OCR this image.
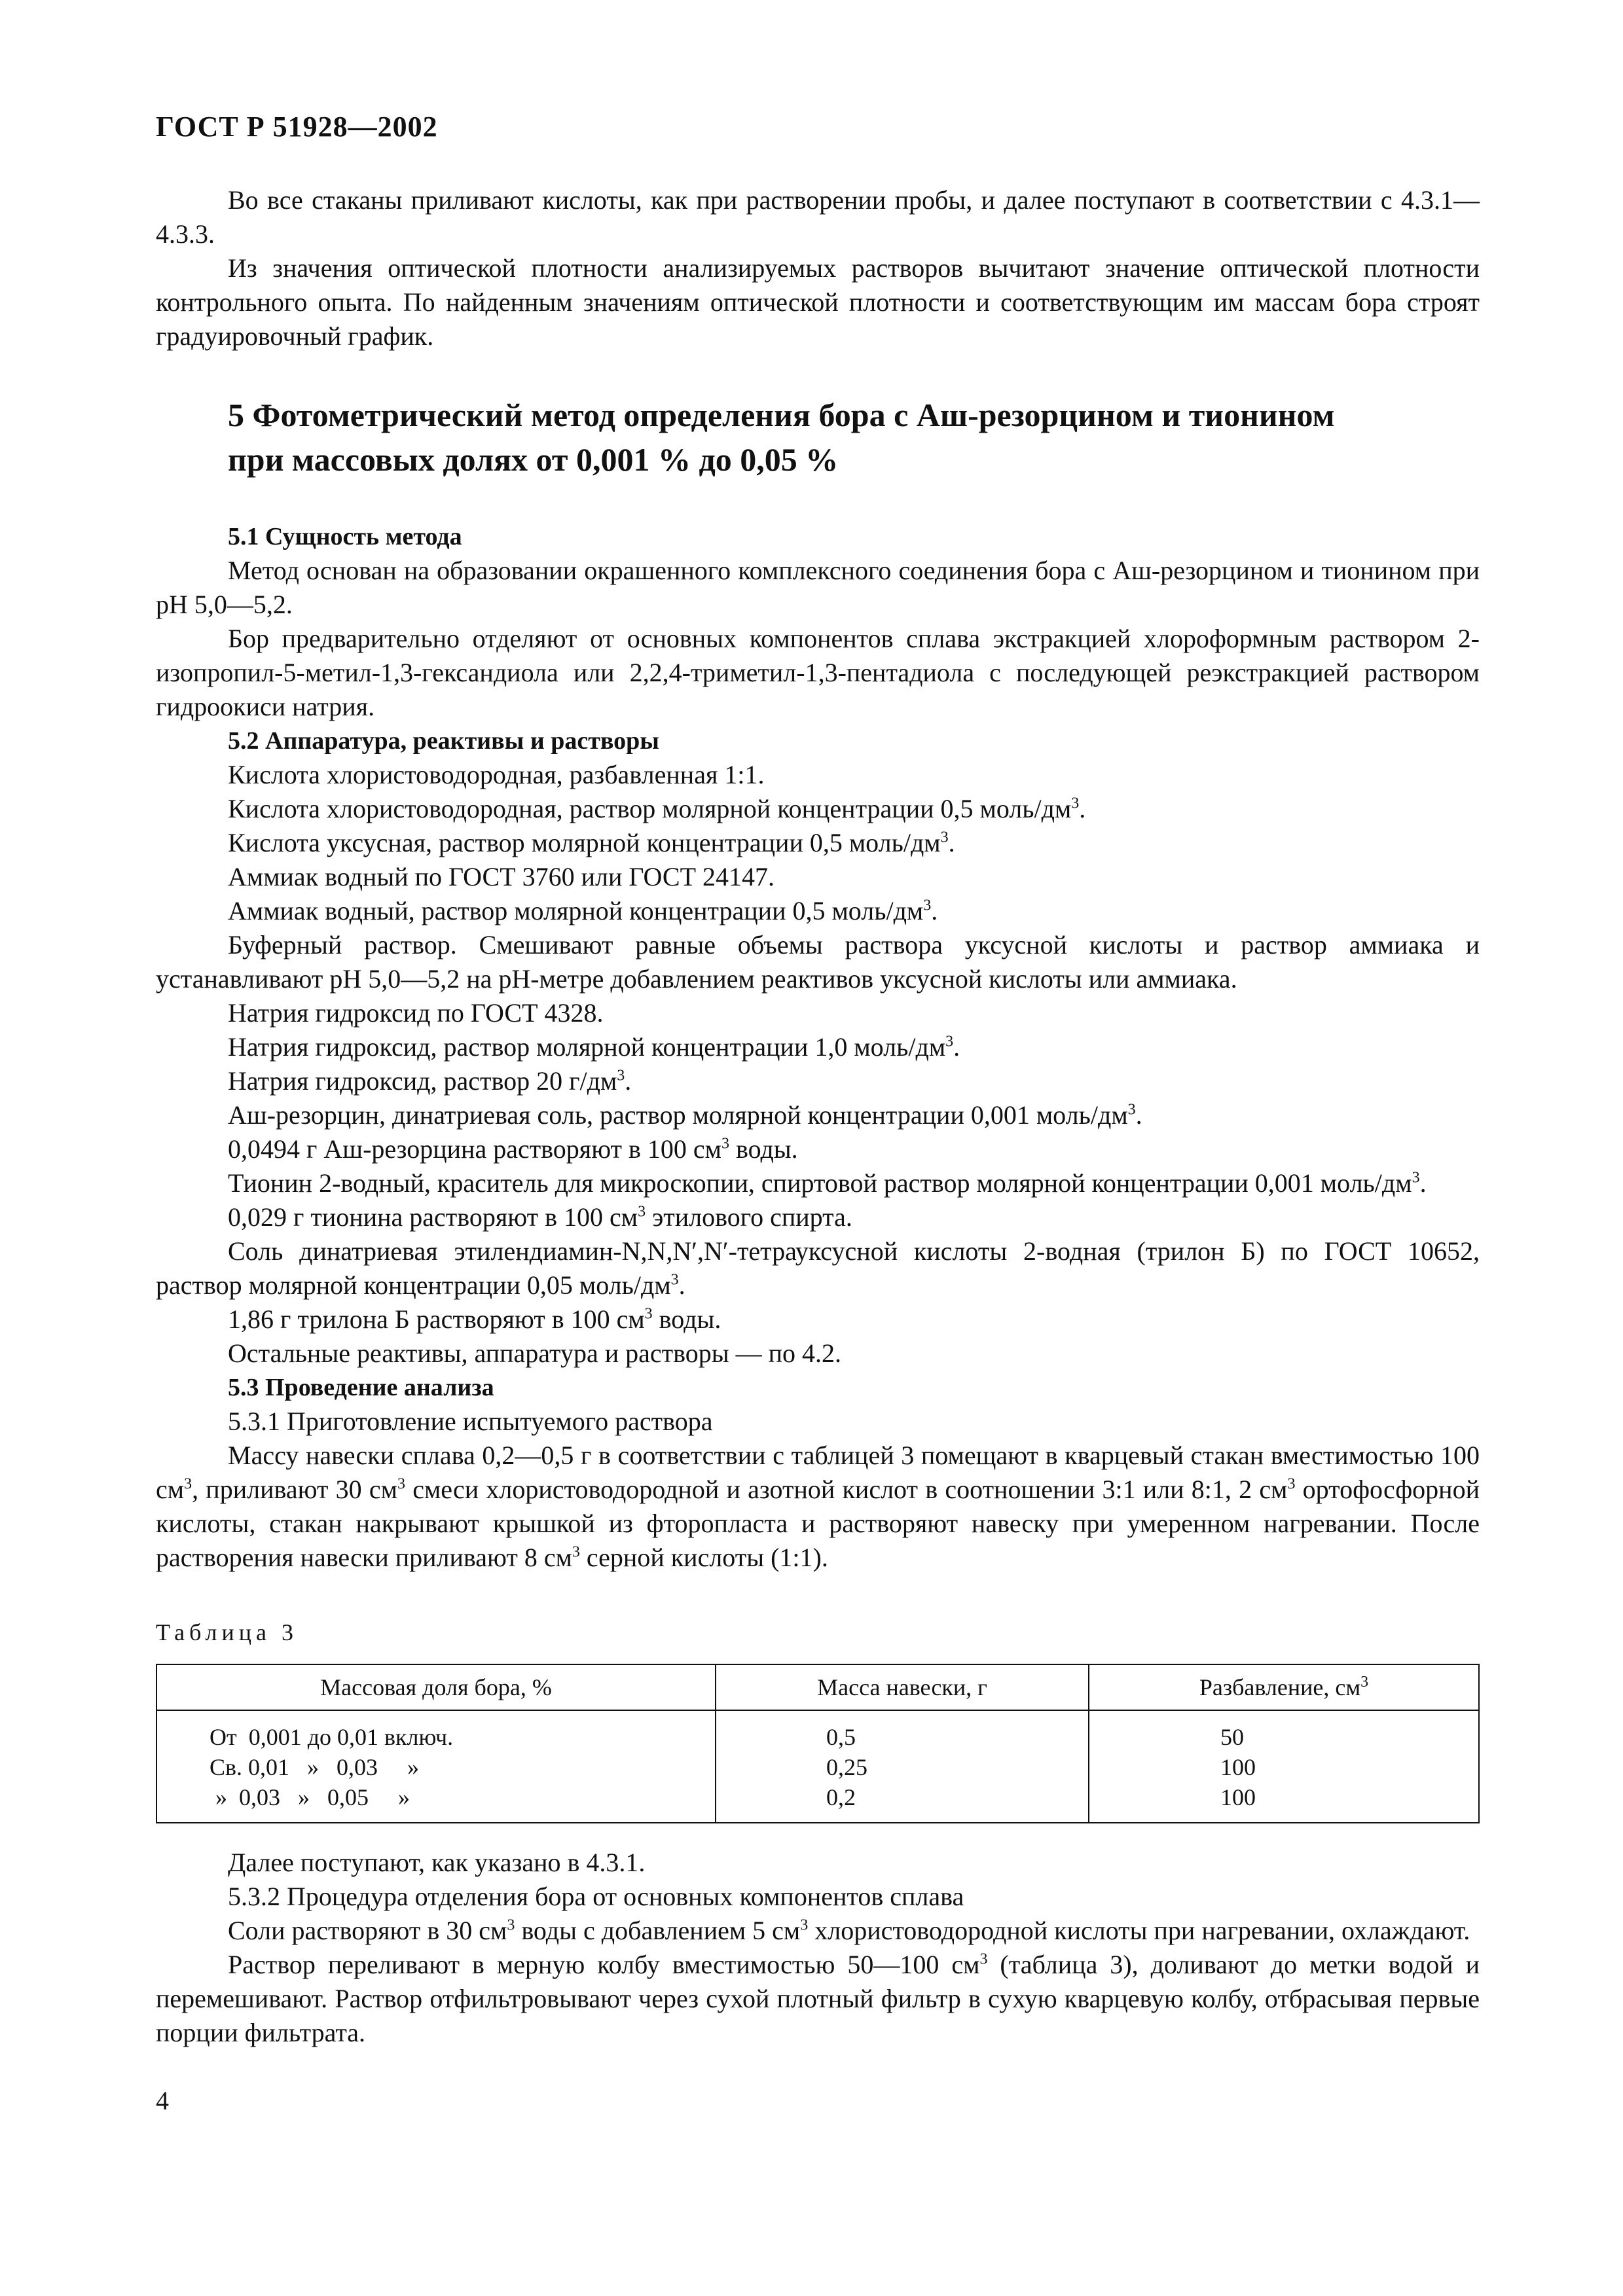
ГОСТ Р 51928—2002

Во все стаканы приливают кислоты, как при растворении пробы, и далее поступают в соответствии с 4.3.1—4.3.3.

Из значения оптической плотности анализируемых растворов вычитают значение оптической плотности контрольного опыта. По найденным значениям оптической плотности и соответствующим им массам бора строят градуировочный график.

5 Фотометрический метод определения бора с Аш-резорцином и тионином
при массовых долях от 0,001 % до 0,05 %

5.1 Сущность метода

Метод основан на образовании окрашенного комплексного соединения бора с Аш-резорцином и тионином при рН 5,0—5,2.

Бор предварительно отделяют от основных компонентов сплава экстракцией хлороформным раствором 2-изопропил-5-метил-1,3-гександиола или 2,2,4-триметил-1,3-пентадиола с последующей реэкстракцией раствором гидроокиси натрия.

5.2 Аппаратура, реактивы и растворы

Кислота хлористоводородная, разбавленная 1:1.

Кислота хлористоводородная, раствор молярной концентрации 0,5 моль/$дм^3$.

Кислота уксусная, раствор молярной концентрации 0,5 моль/$дм^3$.

Аммиак водный по ГОСТ 3760 или ГОСТ 24147.

Аммиак водный, раствор молярной концентрации 0,5 моль/$дм^3$.

Буферный раствор. Смешивают равные объемы раствора уксусной кислоты и раствор аммиака и устанавливают рН 5,0—5,2 на рН-метре добавлением реактивов уксусной кислоты или аммиака.

Натрия гидроксид по ГОСТ 4328.

Натрия гидроксид, раствор молярной концентрации 1,0 моль/$дм^3$.

Натрия гидроксид, раствор 20 $г/дм^3$.

Аш-резорцин, динатриевая соль, раствор молярной концентрации 0,001 моль/$дм^3$.

0,0494 г Аш-резорцина растворяют в 100 $см^3$ воды.

Тионин 2-водный, краситель для микроскопии, спиртовой раствор молярной концентрации 0,001 моль/$дм^3$.

0,029 г тионина растворяют в 100 $см^3$ этилового спирта.

Соль динатриевая этилендиамин-N,N,N′,N′-тетрауксусной кислоты 2-водная (трилон Б) по ГОСТ 10652, раствор молярной концентрации 0,05 моль/$дм^3$.

1,86 г трилона Б растворяют в 100 $см^3$ воды.

Остальные реактивы, аппаратура и растворы — по 4.2.

5.3 Проведение анализа

5.3.1 Приготовление испытуемого раствора

Массу навески сплава 0,2—0,5 г в соответствии с таблицей 3 помещают в кварцевый стакан вместимостью 100 $см^3$, приливают 30 $см^3$ смеси хлористоводородной и азотной кислот в соотношении 3:1 или 8:1, 2 $см^3$ ортофосфорной кислоты, стакан накрывают крышкой из фторопласта и растворяют навеску при умеренном нагревании. После растворения навески приливают 8 $см^3$ серной кислоты (1:1).

Таблица 3

Массовая доля бора, %	Масса навески, г	Разбавление, $см^3$
От  0,001 до 0,01 включ.	0,5	50
Св. 0,01   »   0,03     »	0,25	100
»  0,03   »   0,05     »	0,2	100

Далее поступают, как указано в 4.3.1.

5.3.2 Процедура отделения бора от основных компонентов сплава

Соли растворяют в 30 $см^3$ воды с добавлением 5 $см^3$ хлористоводородной кислоты при нагревании, охлаждают.

Раствор переливают в мерную колбу вместимостью 50—100 $см^3$ (таблица 3), доливают до метки водой и перемешивают. Раствор отфильтровывают через сухой плотный фильтр в сухую кварцевую колбу, отбрасывая первые порции фильтрата.

4
